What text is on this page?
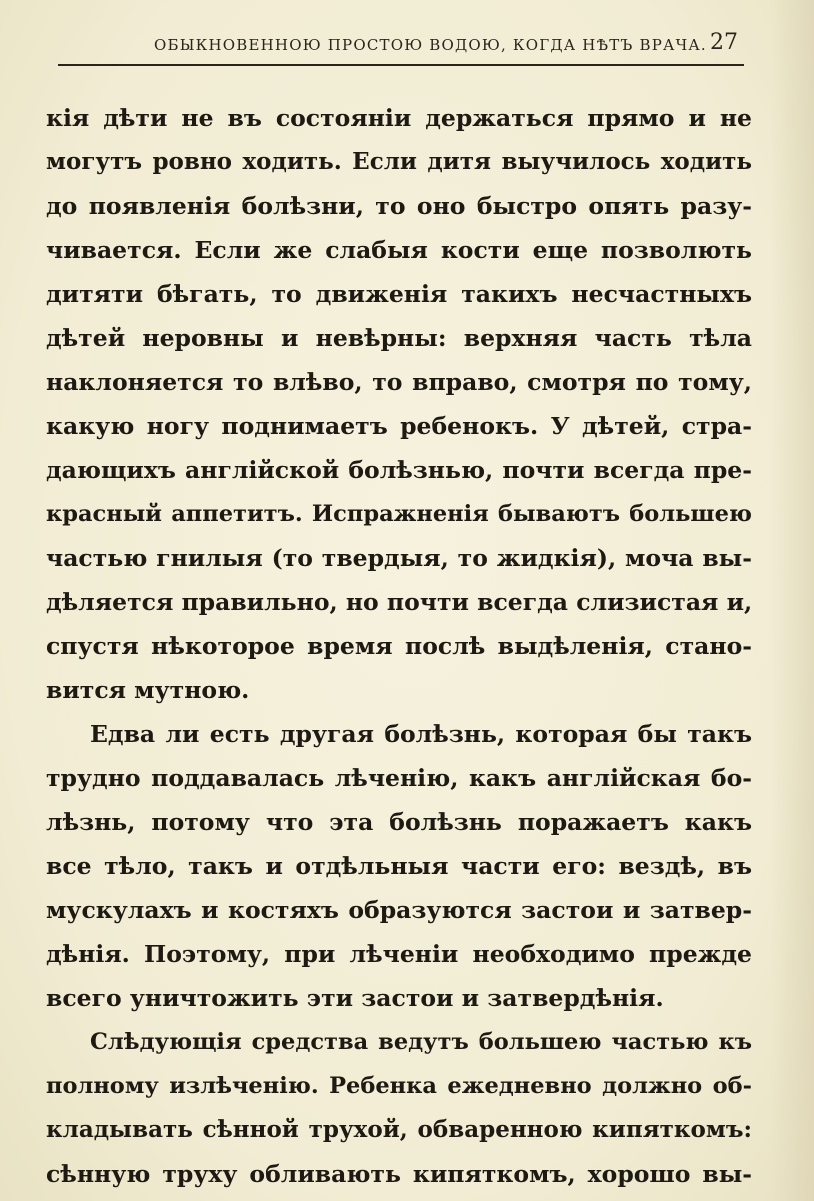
ОБЫКНОВЕННОЮ ПРОСТОЮ ВОДОЮ, КОГДА НѢТЪ ВРАЧА. 27
кія дѣти не въ состояніи держаться прямо и не
могутъ ровно ходить. Если дитя выучилось ходить
до появленія болѣзни, то оно быстро опять разу-
чивается. Если же слабыя кости еще позволють
дитяти бѣгать, то движенія такихъ несчастныхъ
дѣтей неровны и невѣрны: верхняя часть тѣла
наклоняется то влѣво, то вправо, смотря по тому,
какую ногу поднимаетъ ребенокъ. У дѣтей, стра-
дающихъ англійской болѣзнью, почти всегда пре-
красный аппетитъ. Испражненія бываютъ большею
частью гнилыя (то твердыя, то жидкія), моча вы-
дѣляется правильно, но почти всегда слизистая и,
спустя нѣкоторое время послѣ выдѣленія, стано-
вится мутною.
Едва ли есть другая болѣзнь, которая бы такъ
трудно поддавалась лѣченію, какъ англійская бо-
лѣзнь, потому что эта болѣзнь поражаетъ какъ
все тѣло, такъ и отдѣльныя части его: вездѣ, въ
мускулахъ и костяхъ образуются застои и затвер-
дѣнія. Поэтому, при лѣченіи необходимо прежде
всего уничтожить эти застои и затвердѣнія.
Слѣдующія средства ведутъ большею частью къ
полному излѣченію. Ребенка ежедневно должно об-
кладывать сѣнной трухой, обваренною кипяткомъ:
сѣнную труху обливають кипяткомъ, хорошо вы-
